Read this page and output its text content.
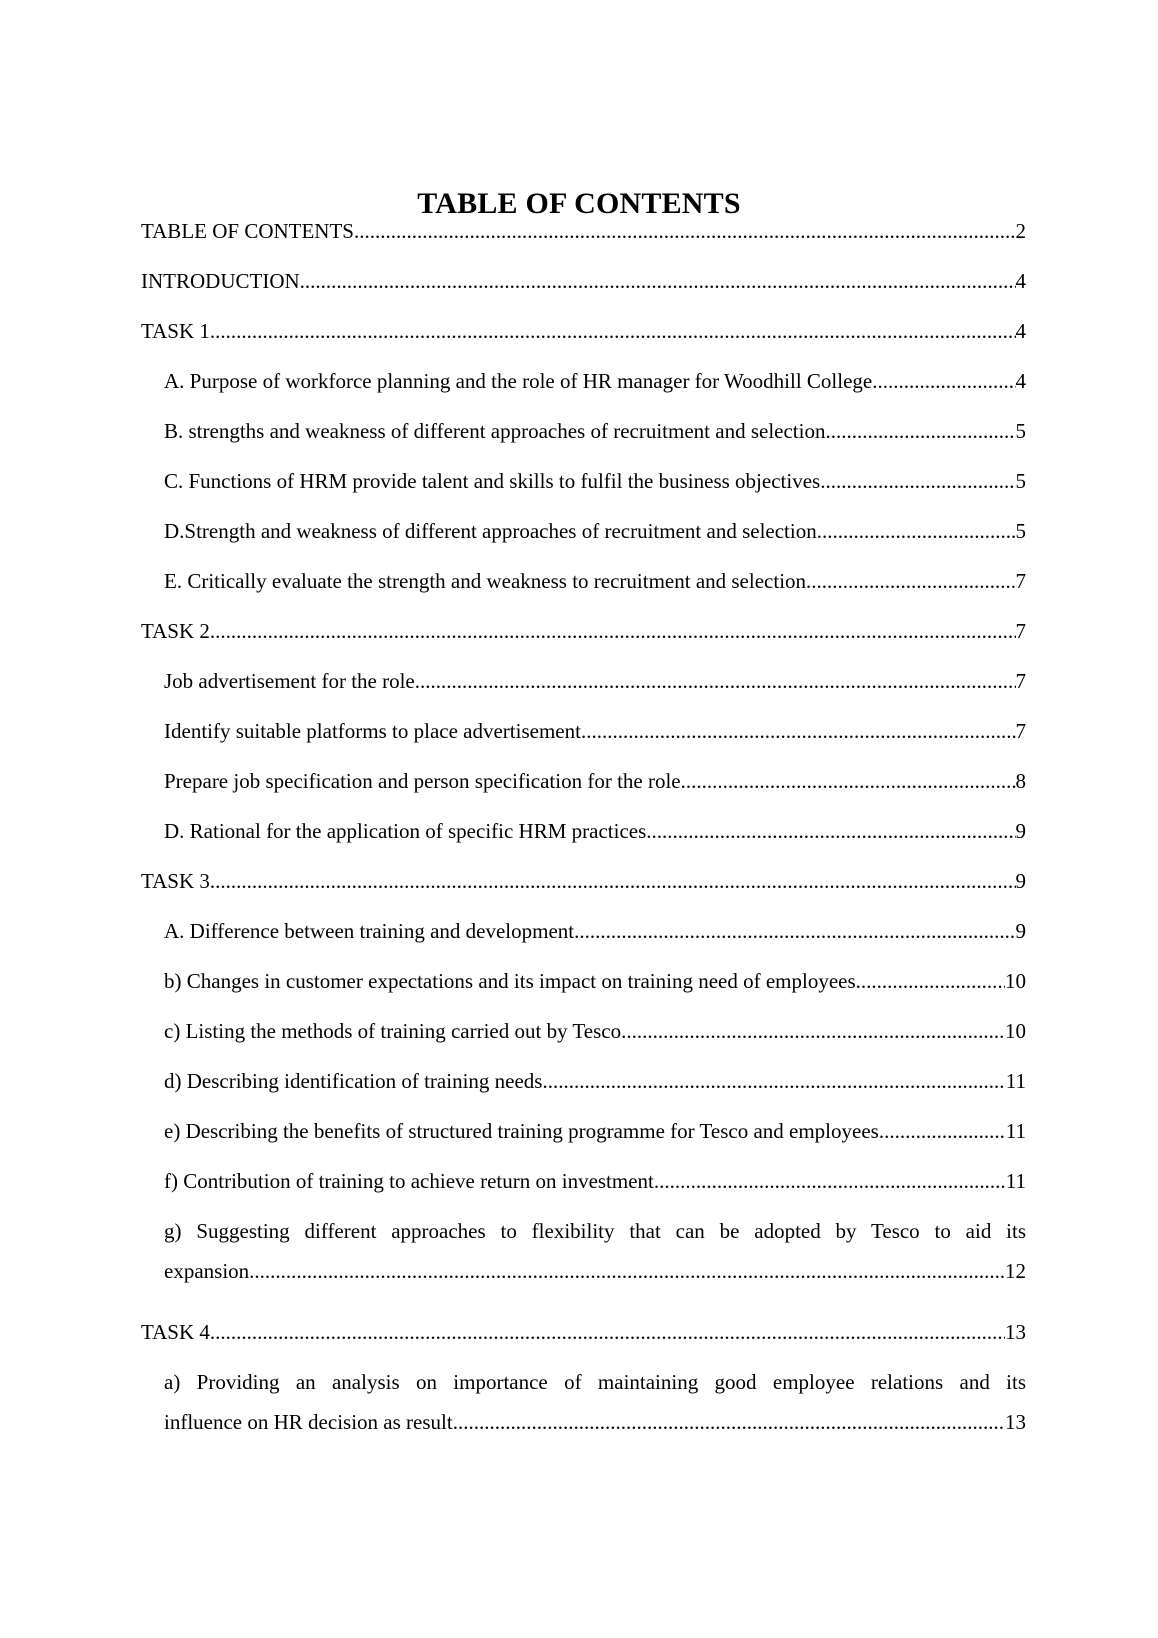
TABLE OF CONTENTS
TABLE OF CONTENTS .....	2
INTRODUCTION .....	4
TASK 1 .....	4
A. Purpose of workforce planning and the role of HR manager for Woodhill College .....	4
B. strengths and weakness of different approaches of recruitment and selection .....	5
C. Functions of HRM provide talent and skills to fulfil the business objectives .....	5
D.Strength and weakness of different approaches of recruitment and selection .....	5
E. Critically evaluate the strength and weakness to recruitment and selection .....	7
TASK 2 .....	7
Job advertisement for the role .....	7
Identify suitable platforms to place advertisement .....	7
Prepare job specification and person specification for the role .....	8
D. Rational for the application of specific HRM practices .....	9
TASK 3 .....	9
A. Difference between training and development .....	9
b) Changes in customer expectations and its impact on training need of employees .....	10
c) Listing the methods of training carried out by Tesco .....	10
d) Describing identification of training needs .....	11
e) Describing the benefits of structured training programme for Tesco and employees .....	11
f) Contribution of training to achieve return on investment .....	11
g) Suggesting different approaches to flexibility that can be adopted by Tesco to aid its
expansion .....	12
TASK 4 .....	13
a) Providing an analysis on importance of maintaining good employee relations and its
influence on HR decision as result .....	13
